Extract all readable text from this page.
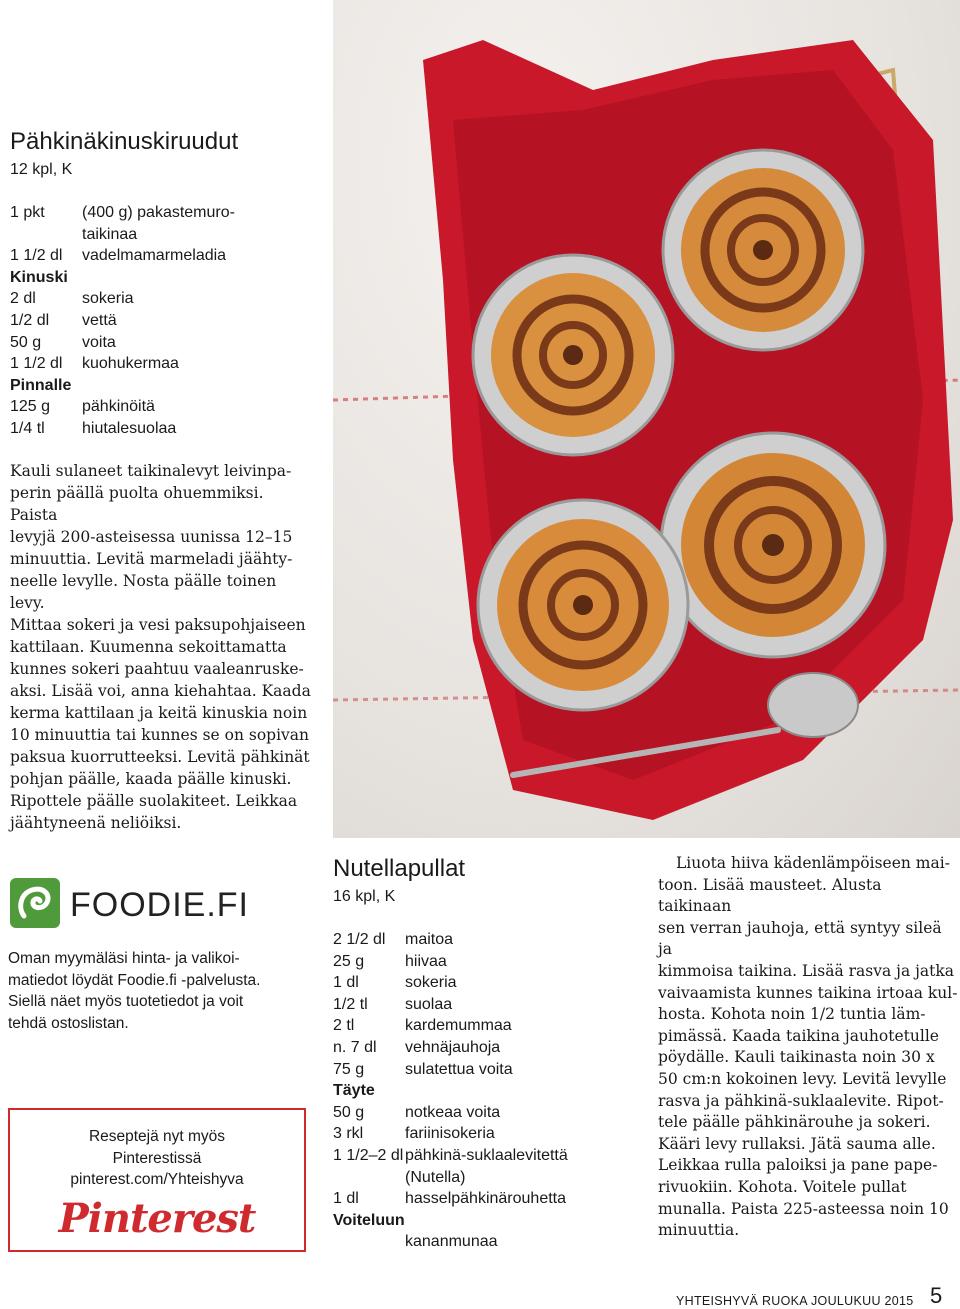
Pähkinäkinuskiruudut
12 kpl, K
1 pkt	(400 g) pakastemuro-
taikinaa
1 1/2 dl	vadelmamarmeladia
Kinuski
2 dl	sokeria
1/2 dl	vettä
50 g	voita
1 1/2 dl	kuohukermaa
Pinnalle
125 g	pähkinöitä
1/4 tl	hiutalesuolaa

Kauli sulaneet taikinalevyt leivinpa-

perin päällä puolta ohuemmiksi. Paista

levyjä 200-asteisessa uunissa 12–15

minuuttia. Levitä marmeladi jäähty-

neelle levylle. Nosta päälle toinen levy.

Mittaa sokeri ja vesi paksupohjaiseen

kattilaan. Kuumenna sekoittamatta

kunnes sokeri paahtuu vaaleanruske-

aksi. Lisää voi, anna kiehahtaa. Kaada

kerma kattilaan ja keitä kinuskia noin

10 minuuttia tai kunnes se on sopivan

paksua kuorrutteeksi. Levitä pähkinät

pohjan päälle, kaada päälle kinuski.

Ripottele päälle suolakiteet. Leikkaa

jäähtyneenä neliöiksi.

FOODIE.FI
Oman myymäläsi hinta- ja valikoi-
matiedot löydät Foodie.fi -palvelusta.
Siellä näet myös tuotetiedot ja voit
tehdä ostoslistan.
Reseptejä nyt myös
Pinterestissä
pinterest.com/Yhteishyva
Pinterest
Nutellapullat
16 kpl, K
2 1/2 dl	maitoa
25 g	hiivaa
1 dl	sokeria
1/2 tl	suolaa
2 tl	kardemummaa
n. 7 dl	vehnäjauhoja
75 g	sulatettua voita
Täyte
50 g	notkeaa voita
3 rkl	fariinisokeria
1 1/2–2 dl pähkinä-suklaalevitettä
(Nutella)
1 dl	hasselpähkinärouhetta
Voiteluun
kananmunaa

Liuota hiiva kädenlämpöiseen mai-

toon. Lisää mausteet. Alusta taikinaan

sen verran jauhoja, että syntyy sileä ja

kimmoisa taikina. Lisää rasva ja jatka

vaivaamista kunnes taikina irtoaa kul-

hosta. Kohota noin 1/2 tuntia läm-

pimässä. Kaada taikina jauhotetulle

pöydälle. Kauli taikinasta noin 30 x

50 cm:n kokoinen levy. Levitä levylle

rasva ja pähkinä-suklaalevite. Ripot-

tele päälle pähkinärouhe ja sokeri.

Kääri levy rullaksi. Jätä sauma alle.

Leikkaa rulla paloiksi ja pane pape-

rivuokiin. Kohota. Voitele pullat

munalla. Paista 225-asteessa noin 10

minuuttia.

YHTEISHYVÄ RUOKA JOULUKUU 2015 5
